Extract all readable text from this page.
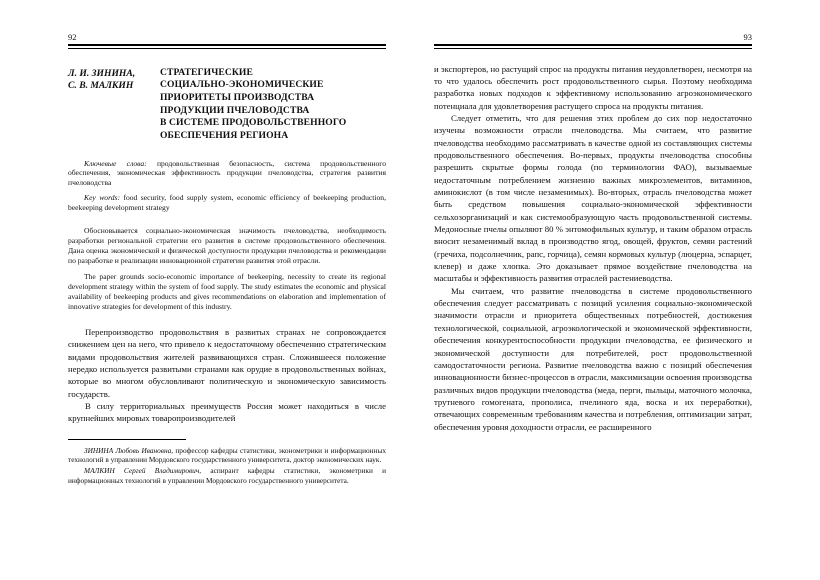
92
Л. И. ЗИНИНА,
С. В. МАЛКИН
СТРАТЕГИЧЕСКИЕ
СОЦИАЛЬНО-ЭКОНОМИЧЕСКИЕ
ПРИОРИТЕТЫ ПРОИЗВОДСТВА
ПРОДУКЦИИ ПЧЕЛОВОДСТВА
В СИСТЕМЕ ПРОДОВОЛЬСТВЕННОГО
ОБЕСПЕЧЕНИЯ РЕГИОНА
Ключевые слова: продовольственная безопасность, система продовольственного обеспечения, экономическая эффективность продукции пчеловодства, стратегия развития пчеловодства
Key words: food security, food supply system, economic efficiency of beekeeping production, beekeeping development strategy
Обосновывается социально-экономическая значимость пчеловодства, необходимость разработки региональной стратегии его развития в системе продовольственного обеспечения. Дана оценка экономической и физической доступности продукции пчеловодства и рекомендации по разработке и реализации инновационной стратегии развития этой отрасли.
The paper grounds socio-economic importance of beekeeping, necessity to create its regional development strategy within the system of food supply. The study estimates the economic and physical availability of beekeeping products and gives recommendations on elaboration and implementation of innovative strategies for development of this industry.

Перепроизводство продовольствия в развитых странах не сопровождается снижением цен на него, что привело к недостаточному обеспечению стратегическим видами продовольствия жителей развивающихся стран. Сложившееся положение нередко используется развитыми странами как орудие в продовольственных войнах, которые во многом обусловливают политическую и экономическую зависимость государств.

В силу территориальных преимуществ Россия может находиться в числе крупнейших мировых товаропроизводителей

ЗИНИНА Любовь Ивановна, профессор кафедры статистики, эконометрики и информационных технологий в управлении Мордовского государственного университета, доктор экономических наук.
МАЛКИН Сергей Владимирович, аспирант кафедры статистики, эконометрики и информационных технологий в управлении Мордовского государственного университета.
93

и экспортеров, но растущий спрос на продукты питания неудовлетворен, неcмотря на то что удалось обеспечить рост продовольственного сырья. Поэтому необходима разработка новых подходов к эффективному использованию агроэкономического потенциала для удовлетворения растущего спроса на продукты питания.

Следует отметить, что для решения этих проблем до сих пор недостаточно изучены возможности отрасли пчеловодства. Мы считаем, что развитие пчеловодства необходимо рассматривать в качестве одной из составляющих системы продовольственного обеспечения. Во-первых, продукты пчеловодства способны разрешить скрытые формы голода (по терминологии ФАО), вызываемые недостаточным потреблением жизненно важных микроэлементов, витаминов, аминокислот (в том числе незаменимых). Во-вторых, отрасль пчеловодства может быть средством повышения социально-экономической эффективности сельхозорганизаций и как системообразующую часть продовольственной системы. Медоносные пчелы опыляют 80 % энтомофильных культур, и таким образом отрасль вносит незаменимый вклад в производство ягод, овощей, фруктов, семян растений (гречиха, подсолнечник, рапс, горчица), семян кормовых культур (люцерна, эспарцет, клевер) и даже хлопка. Это доказывает прямое воздействие пчеловодства на масштабы и эффективность развития отраслей растениеводства.

Мы считаем, что развитие пчеловодства в системе продовольственного обеспечения следует рассматривать с позиций усиления социально-экономической значимости отрасли и приоритета общественных потребностей, достижения технологической, социальной, агроэкологической и экономической эффективности, обеспечения конкурентоспособности продукции пчеловодства, ее физического и экономической доступности для потребителей, рост продовольственной самодостаточности региона. Развитие пчеловодства важно с позиций обеспечения инновационности бизнес-процессов в отрасли, максимизации освоения производства различных видов продукции пчеловодства (меда, перги, пыльцы, маточного молочка, трутневого гомогената, прополиса, пчелиного яда, воска и их переработки), отвечающих современным требованиям качества и потребления, оптимизации затрат, обеспечения уровня доходности отрасли, ее расширенного
